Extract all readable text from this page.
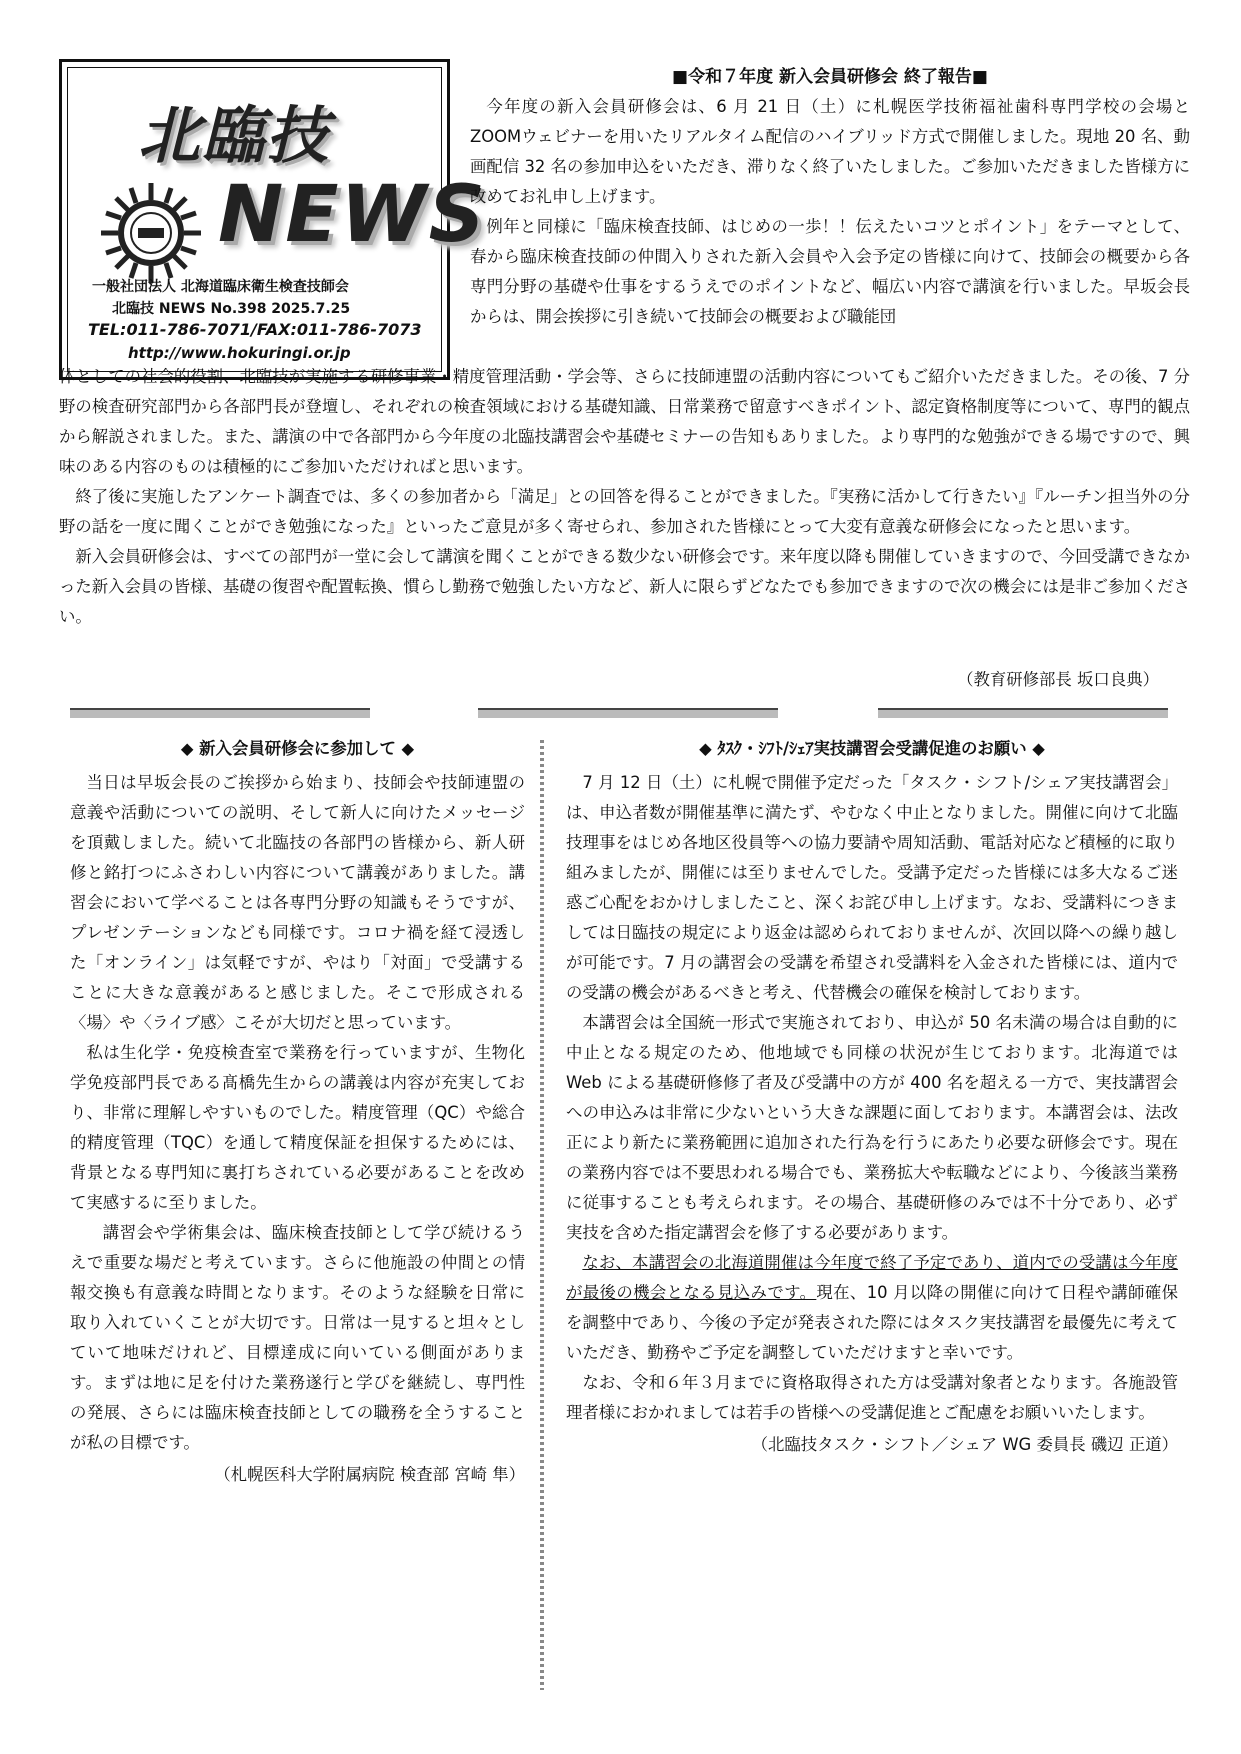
北臨技
NEWS
一般社団法人 北海道臨床衛生検査技師会
北臨技 NEWS No.398 2025.7.25
TEL:011-786-7071/FAX:011-786-7073
http://www.hokuringi.or.jp
■令和７年度 新入会員研修会 終了報告■

今年度の新入会員研修会は、6 月 21 日（土）に札幌医学技術福祉歯科専門学校の会場とZOOMウェビナーを用いたリアルタイム配信のハイブリッド方式で開催しました。現地 20 名、動画配信 32 名の参加申込をいただき、滞りなく終了いたしました。ご参加いただきました皆様方に改めてお礼申し上げます。

例年と同様に「臨床検査技師、はじめの一歩！！伝えたいコツとポイント」をテーマとして、春から臨床検査技師の仲間入りされた新入会員や入会予定の皆様に向けて、技師会の概要から各専門分野の基礎や仕事をするうえでのポイントなど、幅広い内容で講演を行いました。早坂会長からは、開会挨拶に引き続いて技師会の概要および職能団

体としての社会的役割、北臨技が実施する研修事業・精度管理活動・学会等、さらに技師連盟の活動内容についてもご紹介いただきました。その後、7 分野の検査研究部門から各部門長が登壇し、それぞれの検査領域における基礎知識、日常業務で留意すべきポイント、認定資格制度等について、専門的観点から解説されました。また、講演の中で各部門から今年度の北臨技講習会や基礎セミナーの告知もありました。より専門的な勉強ができる場ですので、興味のある内容のものは積極的にご参加いただければと思います。

終了後に実施したアンケート調査では、多くの参加者から「満足」との回答を得ることができました。『実務に活かして行きたい』『ルーチン担当外の分野の話を一度に聞くことができ勉強になった』といったご意見が多く寄せられ、参加された皆様にとって大変有意義な研修会になったと思います。

新入会員研修会は、すべての部門が一堂に会して講演を聞くことができる数少ない研修会です。来年度以降も開催していきますので、今回受講できなかった新入会員の皆様、基礎の復習や配置転換、慣らし勤務で勉強したい方など、新人に限らずどなたでも参加できますので次の機会には是非ご参加ください。

（教育研修部長 坂口良典）

◆ 新入会員研修会に参加して ◆

当日は早坂会長のご挨拶から始まり、技師会や技師連盟の意義や活動についての説明、そして新人に向けたメッセージを頂戴しました。続いて北臨技の各部門の皆様から、新人研修と銘打つにふさわしい内容について講義がありました。講習会において学べることは各専門分野の知識もそうですが、プレゼンテーションなども同様です。コロナ禍を経て浸透した「オンライン」は気軽ですが、やはり「対面」で受講することに大きな意義があると感じました。そこで形成される〈場〉や〈ライブ感〉こそが大切だと思っています。

私は生化学・免疫検査室で業務を行っていますが、生物化学免疫部門長である髙橋先生からの講義は内容が充実しており、非常に理解しやすいものでした。精度管理（QC）や総合的精度管理（TQC）を通して精度保証を担保するためには、背景となる専門知に裏打ちされている必要があることを改めて実感するに至りました。

講習会や学術集会は、臨床検査技師として学び続けるうえで重要な場だと考えています。さらに他施設の仲間との情報交換も有意義な時間となります。そのような経験を日常に取り入れていくことが大切です。日常は一見すると坦々としていて地味だけれど、目標達成に向いている側面があります。まずは地に足を付けた業務遂行と学びを継続し、専門性の発展、さらには臨床検査技師としての職務を全うすることが私の目標です。

（札幌医科大学附属病院 検査部 宮崎 隼）

◆ ﾀｽｸ・ｼﾌﾄ/ｼｪｱ実技講習会受講促進のお願い ◆

7 月 12 日（土）に札幌で開催予定だった「タスク・シフト/シェア実技講習会」は、申込者数が開催基準に満たず、やむなく中止となりました。開催に向けて北臨技理事をはじめ各地区役員等への協力要請や周知活動、電話対応など積極的に取り組みましたが、開催には至りませんでした。受講予定だった皆様には多大なるご迷惑ご心配をおかけしましたこと、深くお詫び申し上げます。なお、受講料につきましては日臨技の規定により返金は認められておりませんが、次回以降への繰り越しが可能です。7 月の講習会の受講を希望され受講料を入金された皆様には、道内での受講の機会があるべきと考え、代替機会の確保を検討しております。

本講習会は全国統一形式で実施されており、申込が 50 名未満の場合は自動的に中止となる規定のため、他地域でも同様の状況が生じております。北海道では Web による基礎研修修了者及び受講中の方が 400 名を超える一方で、実技講習会への申込みは非常に少ないという大きな課題に面しております。本講習会は、法改正により新たに業務範囲に追加された行為を行うにあたり必要な研修会です。現在の業務内容では不要思われる場合でも、業務拡大や転職などにより、今後該当業務に従事することも考えられます。その場合、基礎研修のみでは不十分であり、必ず実技を含めた指定講習会を修了する必要があります。

なお、本講習会の北海道開催は今年度で終了予定であり、道内での受講は今年度が最後の機会となる見込みです。現在、10 月以降の開催に向けて日程や講師確保を調整中であり、今後の予定が発表された際にはタスク実技講習を最優先に考えていただき、勤務やご予定を調整していただけますと幸いです。

なお、令和６年３月までに資格取得された方は受講対象者となります。各施設管理者様におかれましては若手の皆様への受講促進とご配慮をお願いいたします。

（北臨技タスク・シフト／シェア WG 委員長 磯辺 正道）
